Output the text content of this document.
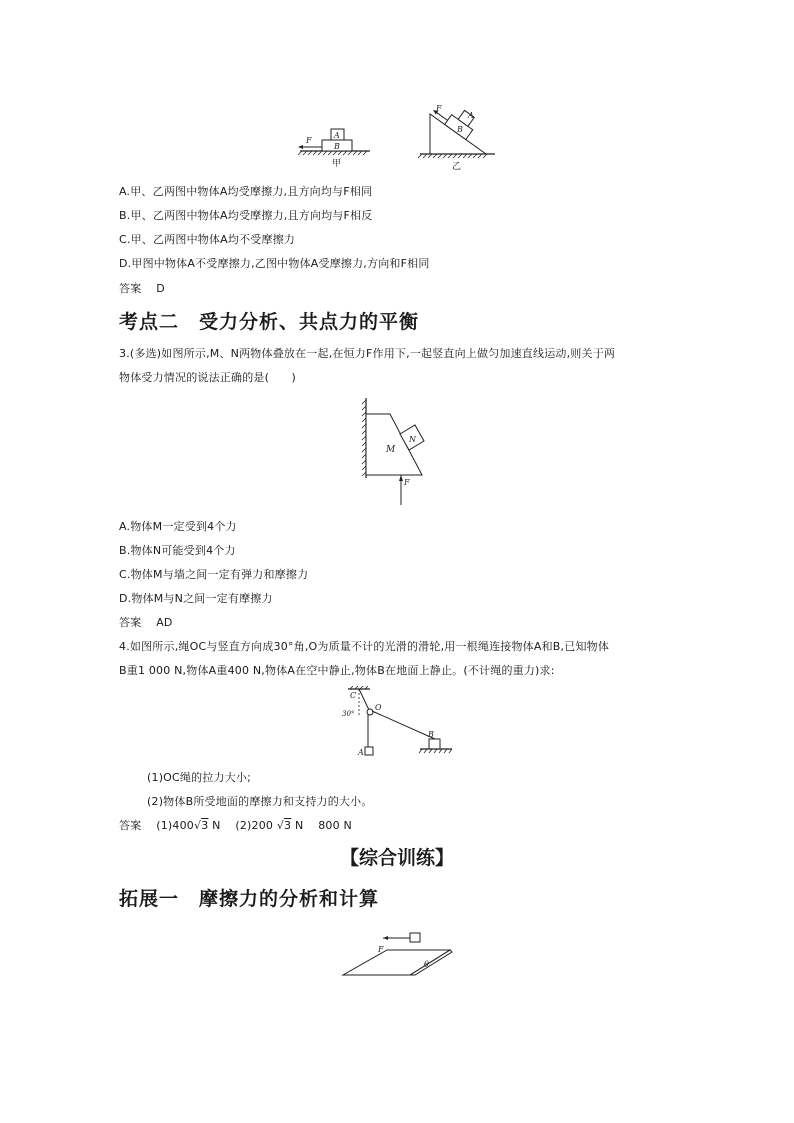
F
A
B
甲
F
A
B
乙
A.甲、乙两图中物体A均受摩擦力,且方向均与F相同
B.甲、乙两图中物体A均受摩擦力,且方向均与F相反
C.甲、乙两图中物体A均不受摩擦力
D.甲图中物体A不受摩擦力,乙图中物体A受摩擦力,方向和F相同
答案 D
考点二　受力分析、共点力的平衡
3.(多选)如图所示,M、N两物体叠放在一起,在恒力F作用下,一起竖直向上做匀加速直线运动,则关于两
物体受力情况的说法正确的是(　　)
M
N
F
A.物体M一定受到4个力
B.物体N可能受到4个力
C.物体M与墙之间一定有弹力和摩擦力
D.物体M与N之间一定有摩擦力
答案 AD
4.如图所示,绳OC与竖直方向成30°角,O为质量不计的光滑的滑轮,用一根绳连接物体A和B,已知物体
B重1 000 N,物体A重400 N,物体A在空中静止,物体B在地面上静止。(不计绳的重力)求:
C
O
30°
A
B
(1)OC绳的拉力大小;
(2)物体B所受地面的摩擦力和支持力的大小。
答案 (1)400√3 N (2)200 √3 N 800 N
【综合训练】
拓展一　摩擦力的分析和计算
F
θ
